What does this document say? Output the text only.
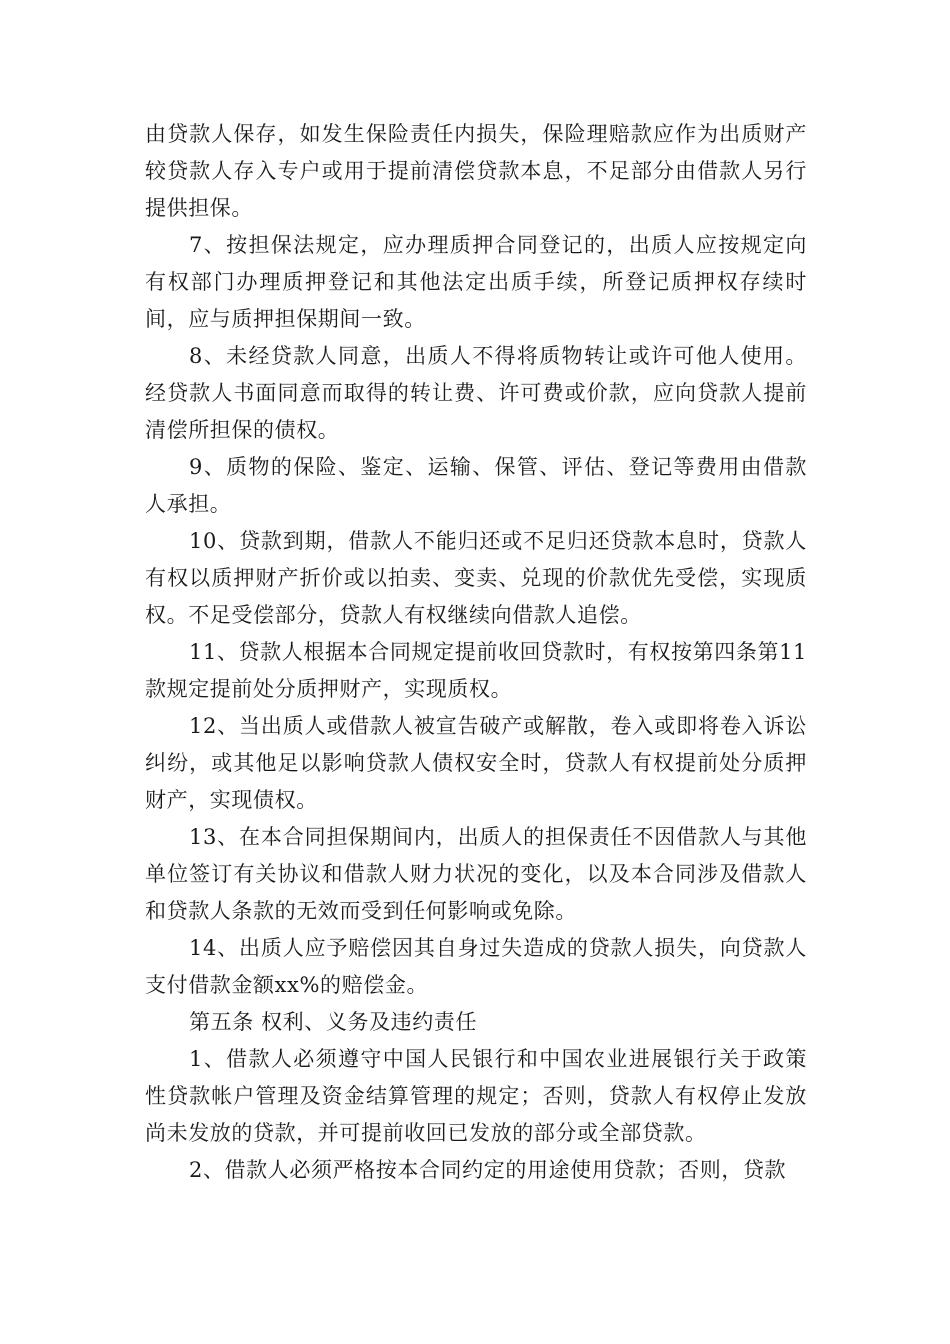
由贷款人保存，如发生保险责任内损失，保险理赔款应作为出质财产较贷款人存入专户或用于提前清偿贷款本息，不足部分由借款人另行提供担保。

7、按担保法规定，应办理质押合同登记的，出质人应按规定向有权部门办理质押登记和其他法定出质手续，所登记质押权存续时间，应与质押担保期间一致。

8、未经贷款人同意，出质人不得将质物转让或许可他人使用。经贷款人书面同意而取得的转让费、许可费或价款，应向贷款人提前清偿所担保的债权。

9、质物的保险、鉴定、运输、保管、评估、登记等费用由借款人承担。

10、贷款到期，借款人不能归还或不足归还贷款本息时，贷款人有权以质押财产折价或以拍卖、变卖、兑现的价款优先受偿，实现质权。不足受偿部分，贷款人有权继续向借款人追偿。

11、贷款人根据本合同规定提前收回贷款时，有权按第四条第11款规定提前处分质押财产，实现质权。

12、当出质人或借款人被宣告破产或解散，卷入或即将卷入诉讼纠纷，或其他足以影响贷款人债权安全时，贷款人有权提前处分质押财产，实现债权。

13、在本合同担保期间内，出质人的担保责任不因借款人与其他单位签订有关协议和借款人财力状况的变化，以及本合同涉及借款人和贷款人条款的无效而受到任何影响或免除。

14、出质人应予赔偿因其自身过失造成的贷款人损失，向贷款人支付借款金额xx%的赔偿金。

第五条 权利、义务及违约责任

1、借款人必须遵守中国人民银行和中国农业进展银行关于政策性贷款帐户管理及资金结算管理的规定；否则，贷款人有权停止发放尚未发放的贷款，并可提前收回已发放的部分或全部贷款。

2、借款人必须严格按本合同约定的用途使用贷款；否则，贷款
